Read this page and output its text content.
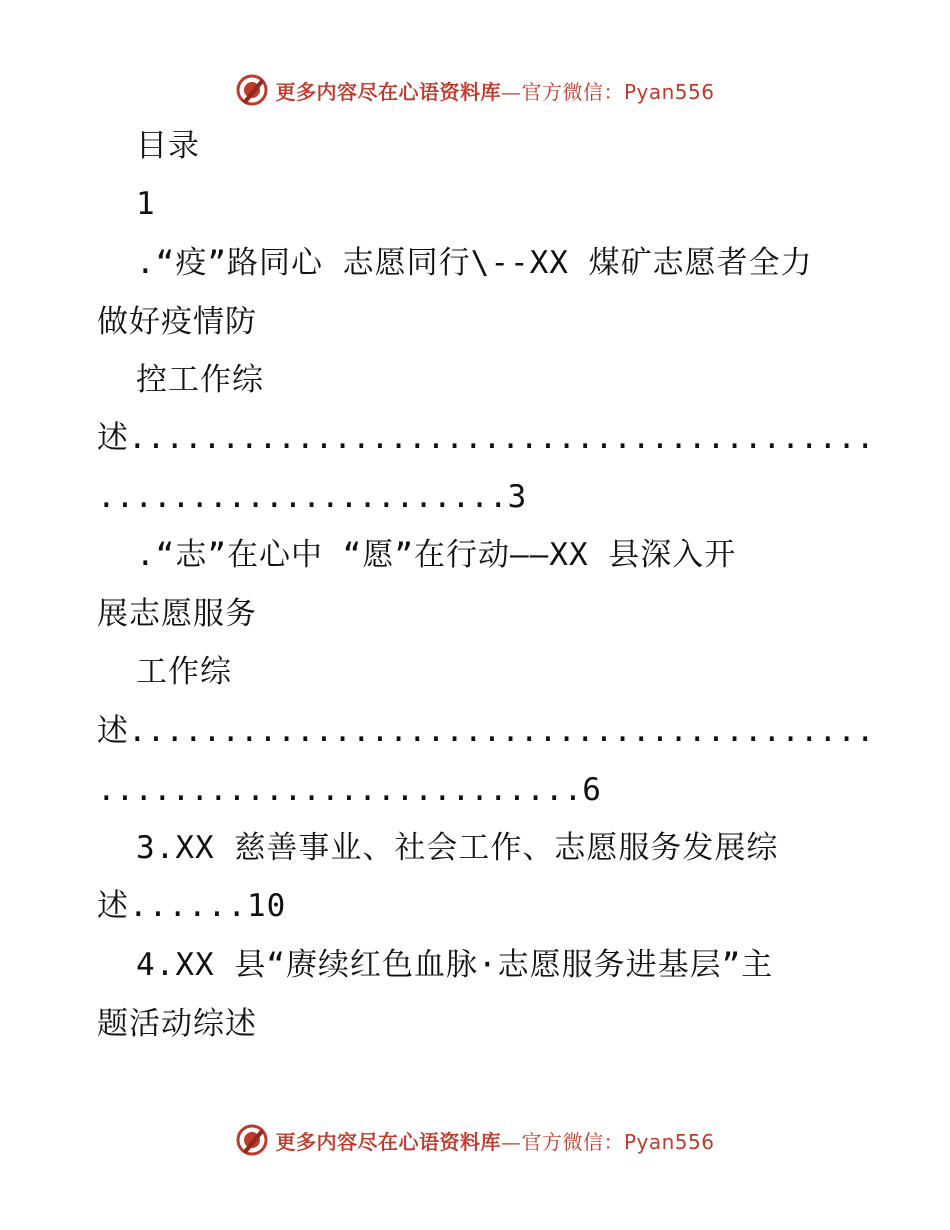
更多内容尽在心语资料库—官方微信：Pyan556
目录
1
.“疫”路同心 志愿同行\--XX 煤矿志愿者全力
做好疫情防
控工作综
述........................................
......................3
.“志”在心中 “愿”在行动——XX 县深入开
展志愿服务
工作综
述........................................
..........................6
3.XX 慈善事业、社会工作、志愿服务发展综
述......10
4.XX 县“赓续红色血脉·志愿服务进基层”主
题活动综述
更多内容尽在心语资料库—官方微信：Pyan556
